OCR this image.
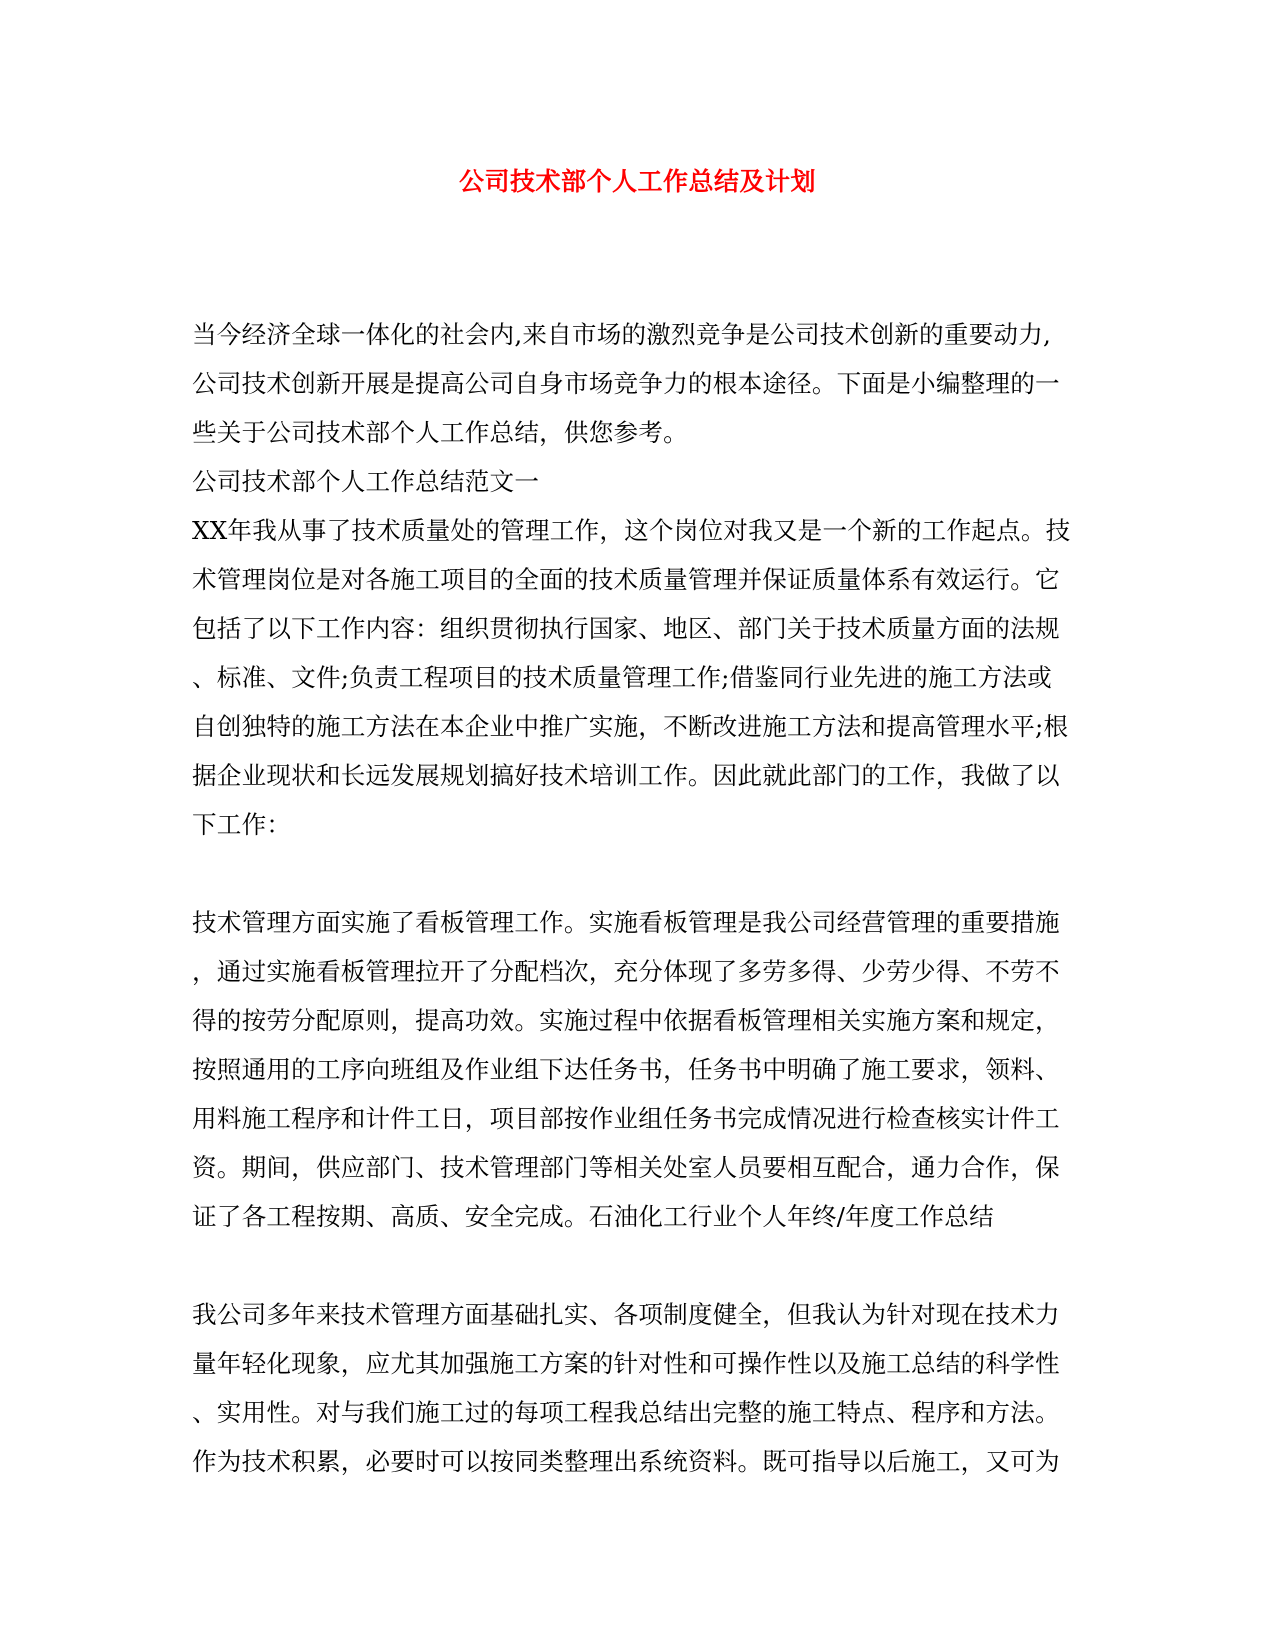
公司技术部个人工作总结及计划
当今经济全球一体化的社会内,来自市场的激烈竞争是公司技术创新的重要动力,
公司技术创新开展是提高公司自身市场竞争力的根本途径。下面是小编整理的一
些关于公司技术部个人工作总结，供您参考。
公司技术部个人工作总结范文一
XX年我从事了技术质量处的管理工作，这个岗位对我又是一个新的工作起点。技
术管理岗位是对各施工项目的全面的技术质量管理并保证质量体系有效运行。它
包括了以下工作内容：组织贯彻执行国家、地区、部门关于技术质量方面的法规
、标准、文件;负责工程项目的技术质量管理工作;借鉴同行业先进的施工方法或
自创独特的施工方法在本企业中推广实施，不断改进施工方法和提高管理水平;根
据企业现状和长远发展规划搞好技术培训工作。因此就此部门的工作，我做了以
下工作：
技术管理方面实施了看板管理工作。实施看板管理是我公司经营管理的重要措施
，通过实施看板管理拉开了分配档次，充分体现了多劳多得、少劳少得、不劳不
得的按劳分配原则，提高功效。实施过程中依据看板管理相关实施方案和规定，
按照通用的工序向班组及作业组下达任务书，任务书中明确了施工要求，领料、
用料施工程序和计件工日，项目部按作业组任务书完成情况进行检查核实计件工
资。期间，供应部门、技术管理部门等相关处室人员要相互配合，通力合作，保
证了各工程按期、高质、安全完成。石油化工行业个人年终/年度工作总结
我公司多年来技术管理方面基础扎实、各项制度健全，但我认为针对现在技术力
量年轻化现象，应尤其加强施工方案的针对性和可操作性以及施工总结的科学性
、实用性。对与我们施工过的每项工程我总结出完整的施工特点、程序和方法。
作为技术积累，必要时可以按同类整理出系统资料。既可指导以后施工，又可为
